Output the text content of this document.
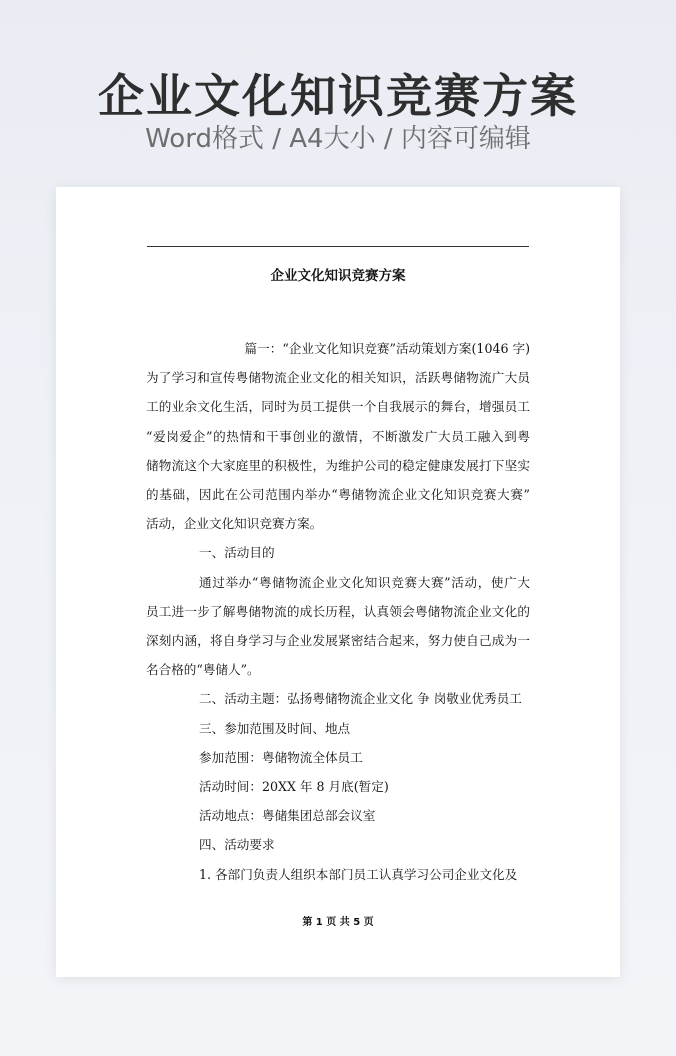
企业文化知识竞赛方案
Word格式 / A4大小 / 内容可编辑
企业文化知识竞赛方案

篇一：“企业文化知识竞赛”活动策划方案(1046 字)

为了学习和宣传粤储物流企业文化的相关知识，活跃粤储物流广大员

工的业余文化生活，同时为员工提供一个自我展示的舞台，增强员工

“爱岗爱企”的热情和干事创业的激情，不断激发广大员工融入到粤

储物流这个大家庭里的积极性，为维护公司的稳定健康发展打下坚实

的基础，因此在公司范围内举办“粤储物流企业文化知识竞赛大赛”

活动，企业文化知识竞赛方案。

一、活动目的

通过举办“粤储物流企业文化知识竞赛大赛”活动，使广大

员工进一步了解粤储物流的成长历程，认真领会粤储物流企业文化的

深刻内涵，将自身学习与企业发展紧密结合起来，努力使自己成为一

名合格的“粤储人”。

二、活动主题：弘扬粤储物流企业文化 争 岗敬业优秀员工

三、参加范围及时间、地点

参加范围：粤储物流全体员工

活动时间：20XX 年 8 月底(暂定)

活动地点：粤储集团总部会议室

四、活动要求

1. 各部门负责人组织本部门员工认真学习公司企业文化及

第 1 页 共 5 页
